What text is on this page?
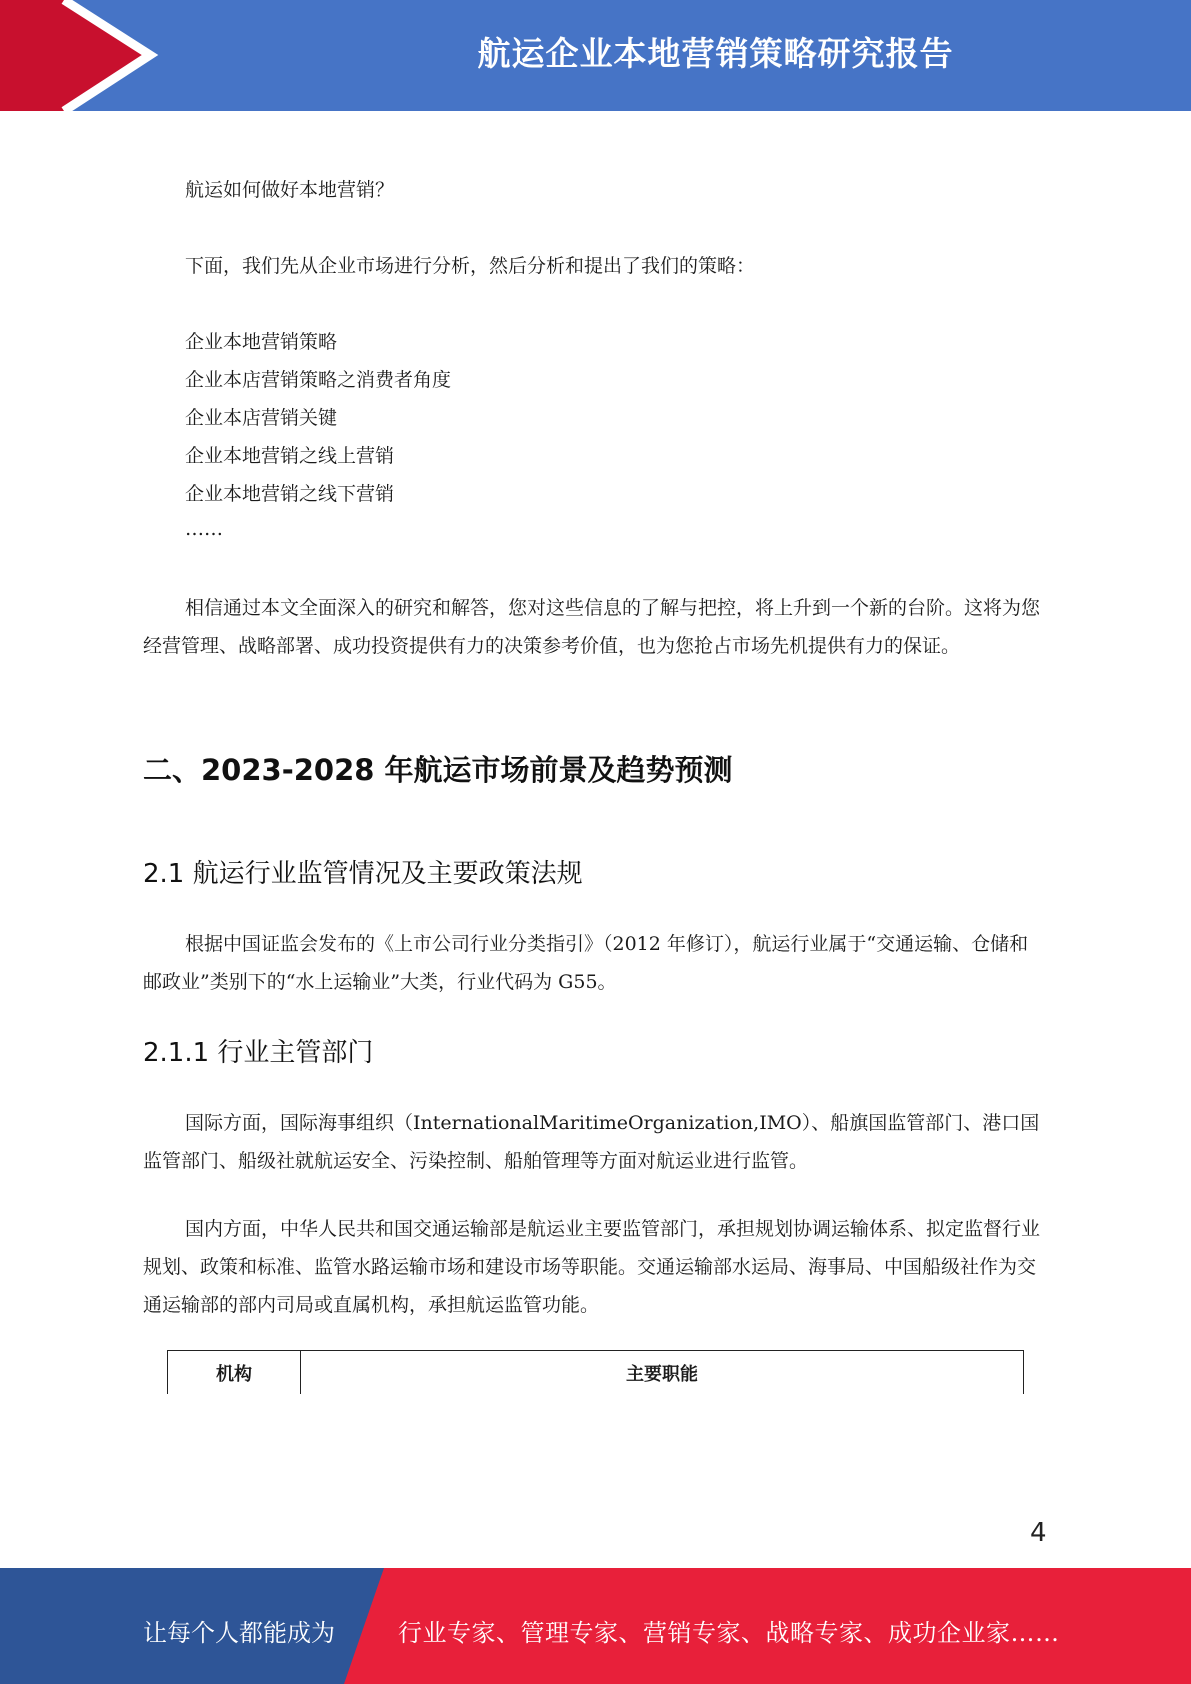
航运企业本地营销策略研究报告
航运如何做好本地营销？
下面，我们先从企业市场进行分析，然后分析和提出了我们的策略：
企业本地营销策略
企业本店营销策略之消费者角度
企业本店营销关键
企业本地营销之线上营销
企业本地营销之线下营销
……
相信通过本文全面深入的研究和解答，您对这些信息的了解与把控，将上升到一个新的台阶。这将为您经营管理、战略部署、成功投资提供有力的决策参考价值，也为您抢占市场先机提供有力的保证。
二、2023-2028 年航运市场前景及趋势预测
2.1 航运行业监管情况及主要政策法规
根据中国证监会发布的《上市公司行业分类指引》（2012 年修订），航运行业属于“交通运输、仓储和邮政业”类别下的“水上运输业”大类，行业代码为 G55。
2.1.1 行业主管部门
国际方面，国际海事组织（InternationalMaritimeOrganization,IMO）、船旗国监管部门、港口国监管部门、船级社就航运安全、污染控制、船舶管理等方面对航运业进行监管。
国内方面，中华人民共和国交通运输部是航运业主要监管部门，承担规划协调运输体系、拟定监督行业规划、政策和标准、监管水路运输市场和建设市场等职能。交通运输部水运局、海事局、中国船级社作为交通运输部的部内司局或直属机构，承担航运监管功能。
机构	主要职能
4
让每个人都能成为	行业专家、管理专家、营销专家、战略专家、成功企业家……
